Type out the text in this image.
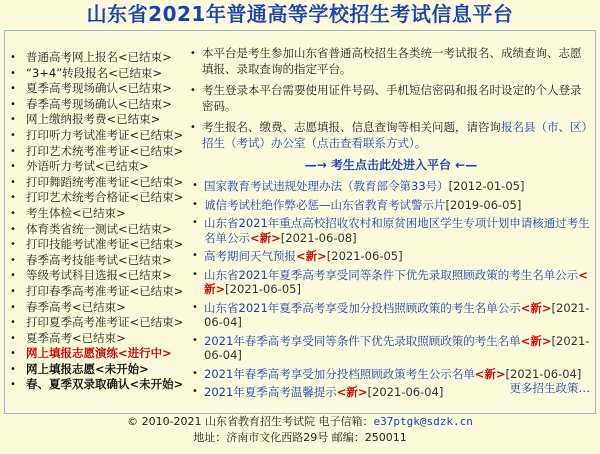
山东省2021年普通高等学校招生考试信息平台
• 普通高考网上报名<已结束>
• “3+4”转段报名<已结束>
• 夏季高考现场确认<已结束>
• 春季高考现场确认<已结束>
• 网上缴纳报考费<已结束>
• 打印听力考试准考证<已结束>
• 打印艺术统考准考证<已结束>
• 外语听力考试<已结束>
• 打印舞蹈统考准考证<已结束>
• 打印艺术统考合格证<已结束>
• 考生体检<已结束>
• 体育类省统一测试<已结束>
• 打印技能考试准考证<已结束>
• 春季高考技能考试<已结束>
• 等级考试科目选报<已结束>
• 打印春季高考准考证<已结束>
• 春季高考<已结束>
• 打印夏季高考准考证<已结束>
• 夏季高考<已结束>
• 网上填报志愿演练<进行中>
• 网上填报志愿<未开始>
• 春、夏季双录取确认<未开始>
• 本平台是考生参加山东省普通高校招生各类统一考试报名、成绩查询、志愿填报、录取查询的指定平台。
• 考生登录本平台需要使用证件号码、手机短信密码和报名时设定的个人登录密码。
• 考生报名、缴费、志愿填报、信息查询等相关问题，请咨询报名县（市、区）招生（考试）办公室（点击查看联系方式）。
—→ 考生点击此处进入平台 ←—
• 国家教育考试违规处理办法（教育部令第33号）[2012-01-05]
• 诚信考试杜绝作弊必惩—山东省教育考试警示片[2019-06-05]
• 山东省2021年重点高校招收农村和原贫困地区学生专项计划申请核通过考生名单公示<新>[2021-06-08]
• 高考期间天气预报<新>[2021-06-05]
• 山东省2021年夏季高考享受同等条件下优先录取照顾政策的考生名单公示<新>[2021-06-05]
• 山东省2021年夏季高考享受加分投档照顾政策的考生名单公示<新>[2021-06-04]
• 2021年春季高考享受同等条件下优先录取照顾政策的考生名单<新>[2021-06-04]
• 2021年春季高考享受加分投档照顾政策考生公示名单<新>[2021-06-04]
• 2021年夏季高考温馨提示<新>[2021-06-04]	更多招生政策…
© 2010-2021 山东省教育招生考试院 电子信箱：e37ptgk@sdzk.cn
地址：济南市文化西路29号 邮编：250011
